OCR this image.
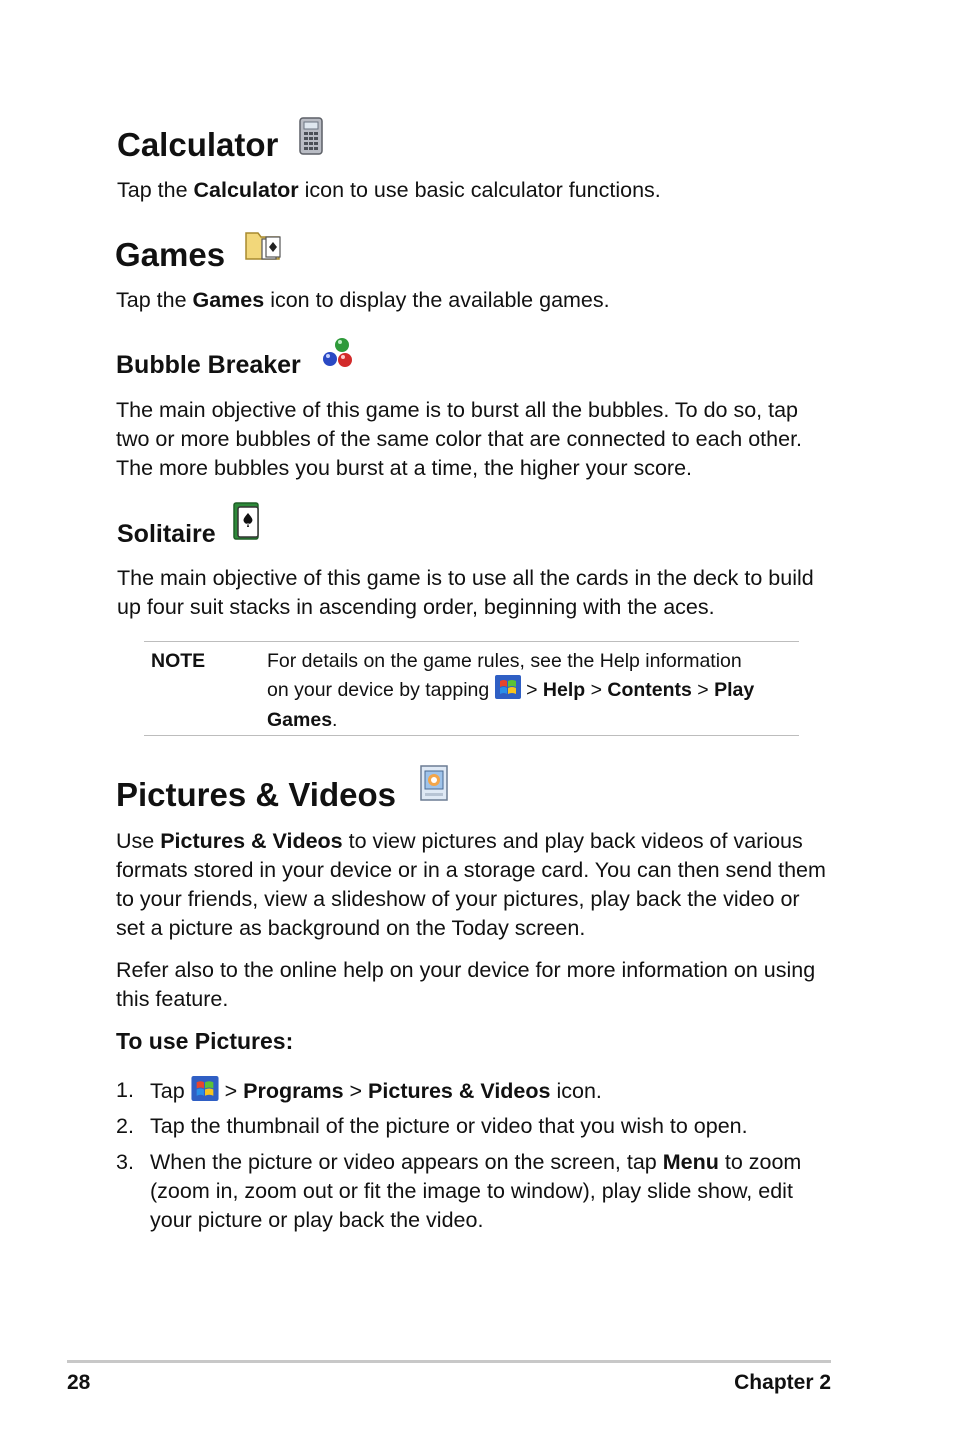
Calculator

Tap the Calculator icon to use basic calculator functions.

Games

Tap the Games icon to display the available games.

Bubble Breaker

The main objective of this game is to burst all the bubbles. To do so, tap

two or more bubbles of the same color that are connected to each other.

The more bubbles you burst at a time, the higher your score.

Solitaire

The main objective of this game is to use all the cards in the deck to build

up four suit stacks in ascending order, beginning with the aces.

NOTE	For details on the game rules, see the Help information
on your device by tapping  > Help > Contents > Play
Games.
Pictures & Videos

Use Pictures & Videos to view pictures and play back videos of various

formats stored in your device or in a storage card. You can then send them

to your friends, view a slideshow of your pictures, play back the video or

set a picture as background on the Today screen.

Refer also to the online help on your device for more information on using

this feature.

To use Pictures:
1. Tap  > Programs > Pictures & Videos icon.
2. Tap the thumbnail of the picture or video that you wish to open.
3. When the picture or video appears on the screen, tap Menu to zoom
(zoom in, zoom out or fit the image to window), play slide show, edit
your picture or play back the video.
28	Chapter 2
